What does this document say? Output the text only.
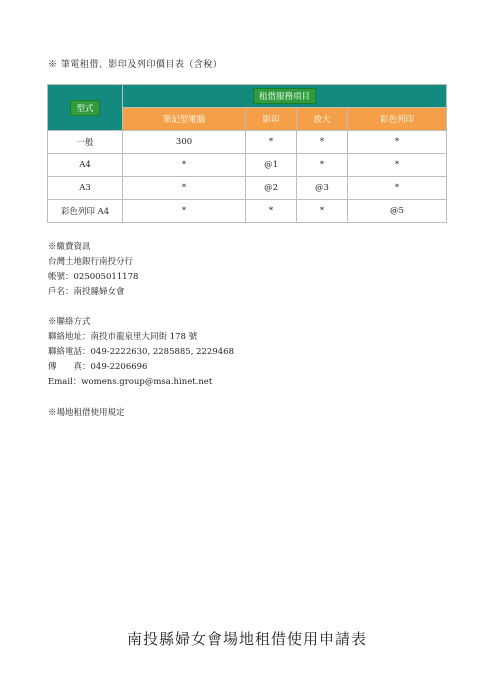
※ 筆電租借、影印及列印價目表（含稅）
型式	租借服務項目			
	筆記型電腦	影印	放大	彩色列印
一般	300	*	*	*
A4	*	@1	*	*
A3	*	@2	@3	*
彩色列印 A4	*	*	*	@5
※繳費資訊
台灣土地銀行南投分行
帳號：025005011178
戶名：南投縣婦女會
※聯絡方式
聯絡地址：南投市龍泉里大同街 178 號
聯絡電話：049-2222630, 2285885, 2229468
傳　　真：049-2206696
Email：womens.group@msa.hinet.net
※場地租借使用規定
南投縣婦女會場地租借使用申請表
